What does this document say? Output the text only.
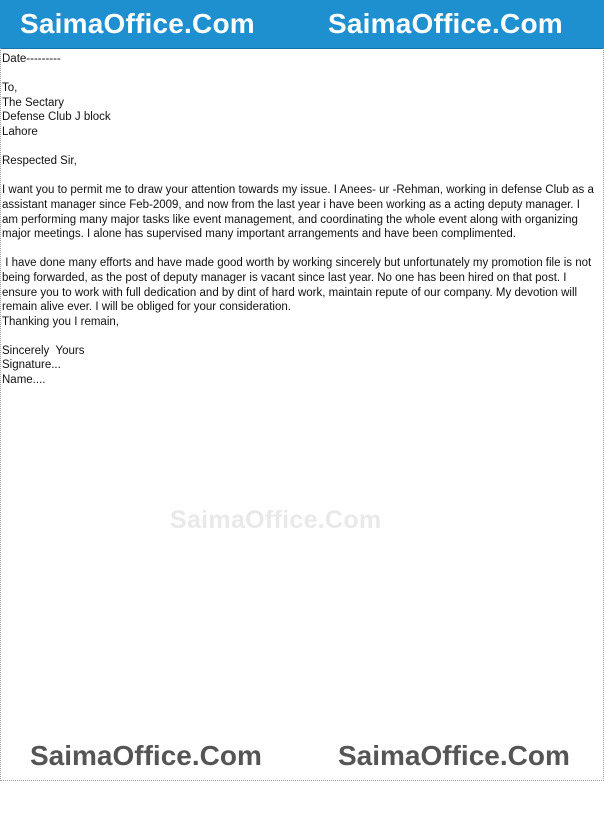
SaimaOffice.Com	SaimaOffice.Com
SaimaOffice.Com

Date---------

To,

The Sectary

Defense Club J block

Lahore

Respected Sir,

I want you to permit me to draw your attention towards my issue. I Anees- ur -Rehman, working in defense Club as a assistant manager since Feb-2009, and now from the last year i have been working as a acting deputy manager. I am performing many major tasks like event management, and coordinating the whole event along with organizing major meetings. I alone has supervised many important arrangements and have been complimented.

I have done many efforts and have made good worth by working sincerely but unfortunately my promotion file is not being forwarded, as the post of deputy manager is vacant since last year. No one has been hired on that post. I ensure you to work with full dedication and by dint of hard work, maintain repute of our company. My devotion will remain alive ever. I will be obliged for your consideration.

Thanking you I remain,

Sincerely  Yours

Signature...

Name....

SaimaOffice.Com	SaimaOffice.Com
